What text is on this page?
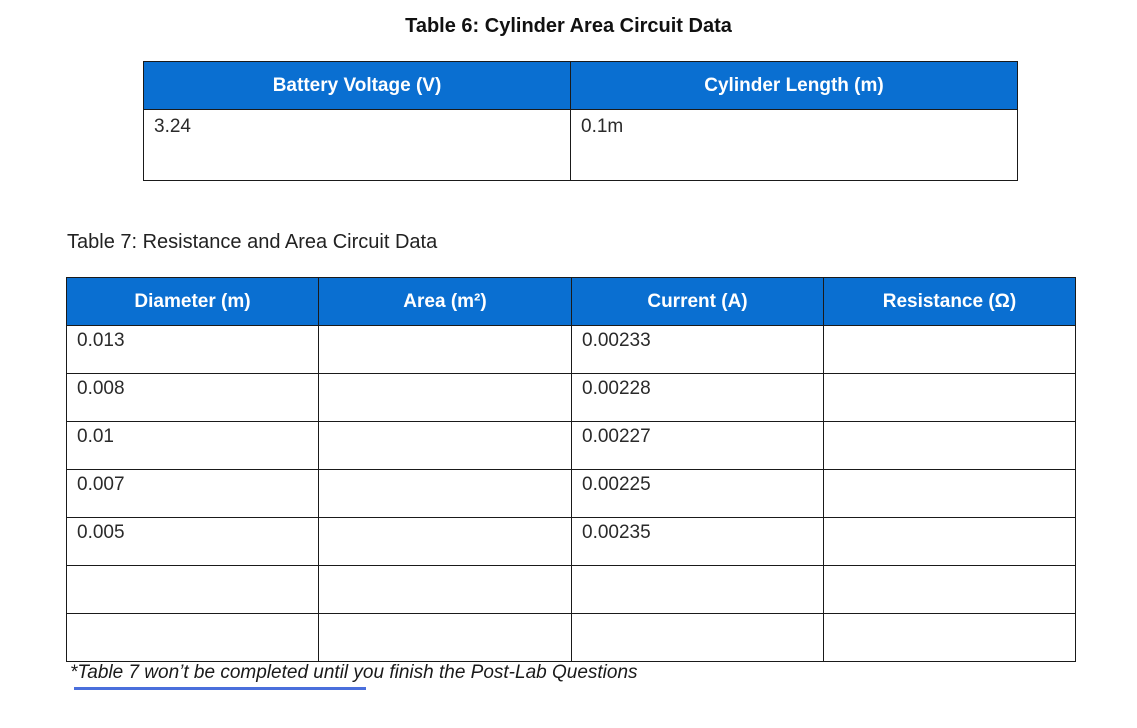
Table 6: Cylinder Area Circuit Data
Battery Voltage (V)	Cylinder Length (m)
3.24	0.1m
Table 7: Resistance and Area Circuit Data
Diameter (m)	Area (m²)	Current (A)	Resistance (Ω)
0.013		0.00233	
0.008		0.00228	
0.01		0.00227	
0.007		0.00225	
0.005		0.00235	

*Table 7 won’t be completed until you finish the Post-Lab Questions
